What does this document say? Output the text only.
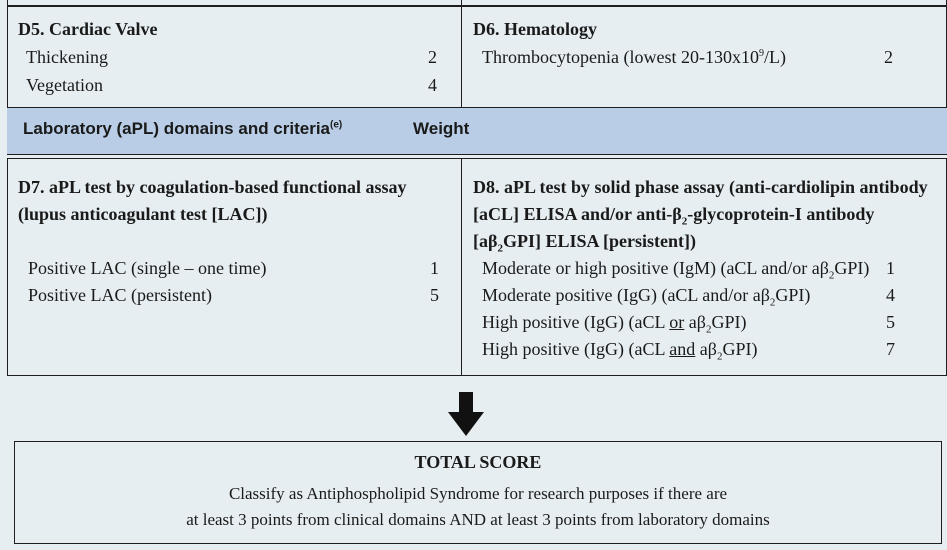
D5. Cardiac Valve
Thickening	2
Vegetation	4
D6. Hematology
Thrombocytopenia (lowest $20-130x10^9/L$)	2
Laboratory (aPL) domains and criteria$^{(e)}$	Weight
D7. aPL test by coagulation-based functional assay
(lupus anticoagulant test [LAC])
Positive LAC (single – one time)	1
Positive LAC (persistent)	5
D8. aPL test by solid phase assay (anti-cardiolipin antibody
[aCL] ELISA and/or anti-$\beta_2-glycoprotein-I$ antibody
$[a\beta_2GPI]$ ELISA [persistent])
Moderate or high positive (IgM) (aCL and/or $a\beta_2GPI$) 1
Moderate positive (IgG) (aCL and/or $a\beta_2GPI$)	4
High positive (IgG) (aCL or $a\beta_2GPI$)	5
High positive (IgG) (aCL and $a\beta_2GPI$)	7
TOTAL SCORE
Classify as Antiphospholipid Syndrome for research purposes if there are
at least 3 points from clinical domains AND at least 3 points from laboratory domains
